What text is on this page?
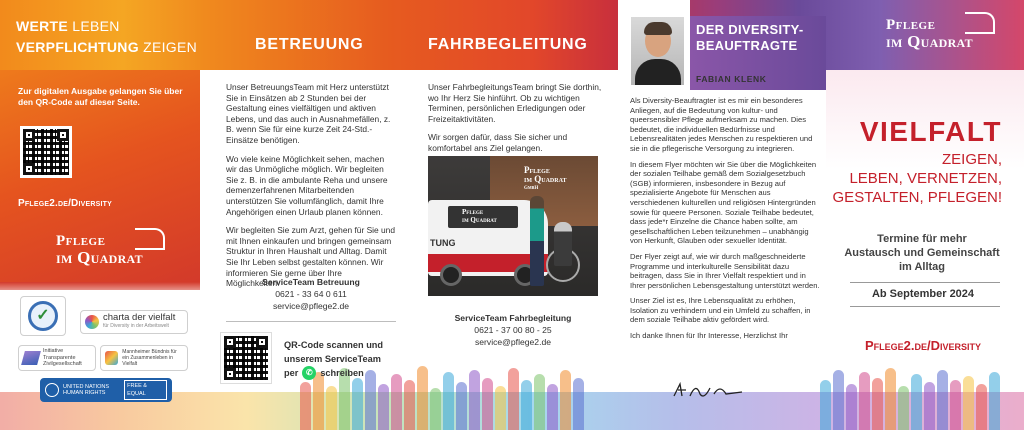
WERTE LEBEN
VERPFLICHTUNG ZEIGEN
Zur digitalen Ausgabe gelangen Sie über den QR-Code auf dieser Seite.
Pflege2.de/Diversity
Pflege
im Quadrat
✓	charta der vielfalt
für Diversity in der Arbeitswelt
Initiative Transparente Zivilgesellschaft
Mannheimer Bündnis für ein Zusammenleben in Vielfalt
UNITED NATIONS HUMAN RIGHTS
FREE & EQUAL
BETREUUNG

Unser BetreuungsTeam mit Herz unterstützt Sie in Einsätzen ab 2 Stunden bei der Gestaltung eines vielfältigen und aktiven Lebens, und das auch in Ausnahmefällen, z. B. wenn Sie für eine kurze Zeit 24-Std.-Einsätze benötigen.

Wo viele keine Möglichkeit sehen, machen wir das Unmögliche möglich. Wir begleiten Sie z. B. in die ambulante Reha und unsere demenzerfahrenen Mitarbeitenden unterstützen Sie vollumfänglich, damit Ihre Angehörigen einen Urlaub planen können.

Wir begleiten Sie zum Arzt, gehen für Sie und mit Ihnen einkaufen und bringen gemeinsam Struktur in Ihren Haushalt und Alltag. Damit Sie Ihr Leben selbst gestalten können. Wir informieren Sie gerne über Ihre Möglichkeiten.

ServiceTeam Betreuung
0621 - 33 64 0 611
service@pflege2.de
QR-Code scannen und
unserem ServiceTeam
per ✆ schreiben
FAHRBEGLEITUNG

Unser FahrbegleitungsTeam bringt Sie dorthin, wo Ihr Herz Sie hinführt. Ob zu wichtigen Terminen, persönlichen Erledigungen oder Freizeitaktivitäten.

Wir sorgen dafür, dass Sie sicher und komfortabel ans Ziel gelangen.

Pflege
im Quadrat
GmbH
Pflege
im Quadrat
TUNG
ServiceTeam Fahrbegleitung
0621 - 37 00 80 - 25
service@pflege2.de
DER DIVERSITY-
BEAUFTRAGTE
FABIAN KLENK

Als Diversity-Beauftragter ist es mir ein besonderes Anliegen, auf die Bedeutung von kultur- und queersensibler Pflege aufmerksam zu machen. Dies bedeutet, die individuellen Bedürfnisse und Lebensrealitäten jedes Menschen zu respektieren und sie in die pflegerische Versorgung zu integrieren.

In diesem Flyer möchten wir Sie über die Möglichkeiten der sozialen Teilhabe gemäß dem Sozialgesetzbuch (SGB) informieren, insbesondere in Bezug auf spezialisierte Angebote für Menschen aus verschiedenen kulturellen und religiösen Hintergründen sowie für queere Personen. Soziale Teilhabe bedeutet, dass jede*r Einzelne die Chance haben sollte, am gesellschaftlichen Leben teilzunehmen – unabhängig von Herkunft, Glauben oder sexueller Identität.

Der Flyer zeigt auf, wie wir durch maßgeschneiderte Programme und interkulturelle Sensibilität dazu beitragen, dass Sie in Ihrer Vielfalt respektiert und in Ihrer persönlichen Lebensgestaltung unterstützt werden.

Unser Ziel ist es, Ihre Lebensqualität zu erhöhen, Isolation zu verhindern und ein Umfeld zu schaffen, in dem soziale Teilhabe aktiv gefördert wird.

Ich danke Ihnen für Ihr Interesse, Herzlichst Ihr

Pflege
im Quadrat
VIELFALT
ZEIGEN,
LEBEN, VERNETZEN,
GESTALTEN, PFLEGEN!
Termine für mehr
Austausch und Gemeinschaft
im Alltag
Ab September 2024
Pflege2.de/Diversity
